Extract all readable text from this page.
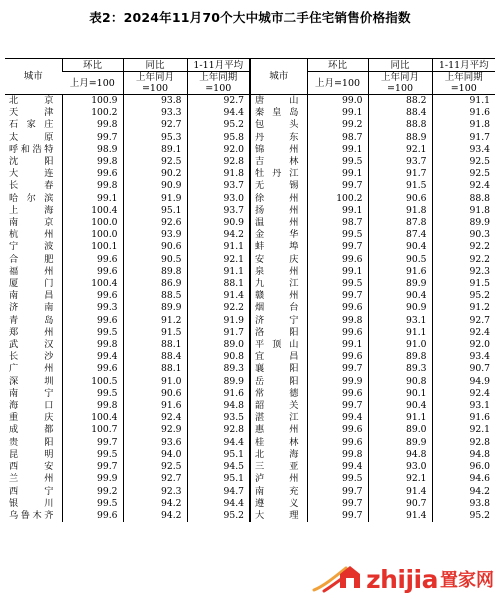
表2：2024年11月70个大中城市二手住宅销售价格指数
城市	环比	同比	1-11月平均	城市	环比	同比	1-11月平均
	上月=100	上年同月=100	上年同期=100		上月=100	上年同月=100	上年同期=100
北　京	100.9	93.8	92.7	唐　山	99.0	88.2	91.1
天　津	100.2	93.3	94.4	秦皇岛	99.1	88.4	91.6
石家庄	99.8	92.7	95.2	包　头	99.2	88.8	91.8
太　原	99.7	95.3	95.8	丹　东	98.7	88.9	91.7
呼和浩特	98.9	89.1	92.0	锦　州	99.1	92.1	93.4
沈　阳	99.8	92.5	92.8	吉　林	99.5	93.7	92.5
大　连	99.6	90.2	91.8	牡丹江	99.1	91.7	92.5
长　春	99.8	90.9	93.7	无　锡	99.7	91.5	92.4
哈尔滨	99.1	91.9	93.0	徐　州	100.2	90.6	88.8
上　海	100.4	95.1	93.7	扬　州	99.1	91.8	91.8
南　京	100.0	92.6	90.9	温　州	98.7	87.8	89.9
杭　州	100.0	93.9	94.2	金　华	99.5	87.4	90.3
宁　波	100.1	90.6	91.1	蚌　埠	99.7	90.4	92.2
合　肥	99.6	90.5	92.1	安　庆	99.6	90.5	92.2
福　州	99.6	89.8	91.1	泉　州	99.1	91.6	92.3
厦　门	100.4	86.9	88.1	九　江	99.5	89.9	91.5
南　昌	99.6	88.5	91.4	赣　州	99.7	90.4	95.2
济　南	99.3	89.9	92.2	烟　台	99.6	90.9	91.2
青　岛	99.6	91.2	91.9	济　宁	99.8	93.1	92.7
郑　州	99.5	91.5	91.7	洛　阳	99.6	91.1	92.4
武　汉	99.8	88.1	89.0	平顶山	99.1	91.0	92.0
长　沙	99.4	88.4	90.8	宜　昌	99.6	89.8	93.4
广　州	99.6	88.1	89.3	襄　阳	99.7	89.3	90.7
深　圳	100.5	91.0	89.9	岳　阳	99.9	90.8	94.9
南　宁	99.5	90.6	91.6	常　德	99.6	90.1	92.4
海　口	99.8	91.6	94.8	韶　关	99.7	90.4	93.1
重　庆	100.4	92.4	93.5	湛　江	99.4	91.1	91.6
成　都	100.7	92.9	92.8	惠　州	99.6	89.0	92.1
贵　阳	99.7	93.6	94.4	桂　林	99.6	89.9	92.8
昆　明	99.5	94.0	95.1	北　海	99.8	94.8	94.8
西　安	99.7	92.5	94.5	三　亚	99.4	93.0	96.0
兰　州	99.9	92.7	95.1	泸　州	99.5	92.1	94.6
西　宁	99.2	92.3	94.7	南　充	99.7	91.4	94.2
银　川	99.5	94.2	94.4	遵　义	99.7	90.7	93.8
乌鲁木齐	99.6	94.2	95.2	大　理	99.7	91.4	95.2
zhijia 置家网
